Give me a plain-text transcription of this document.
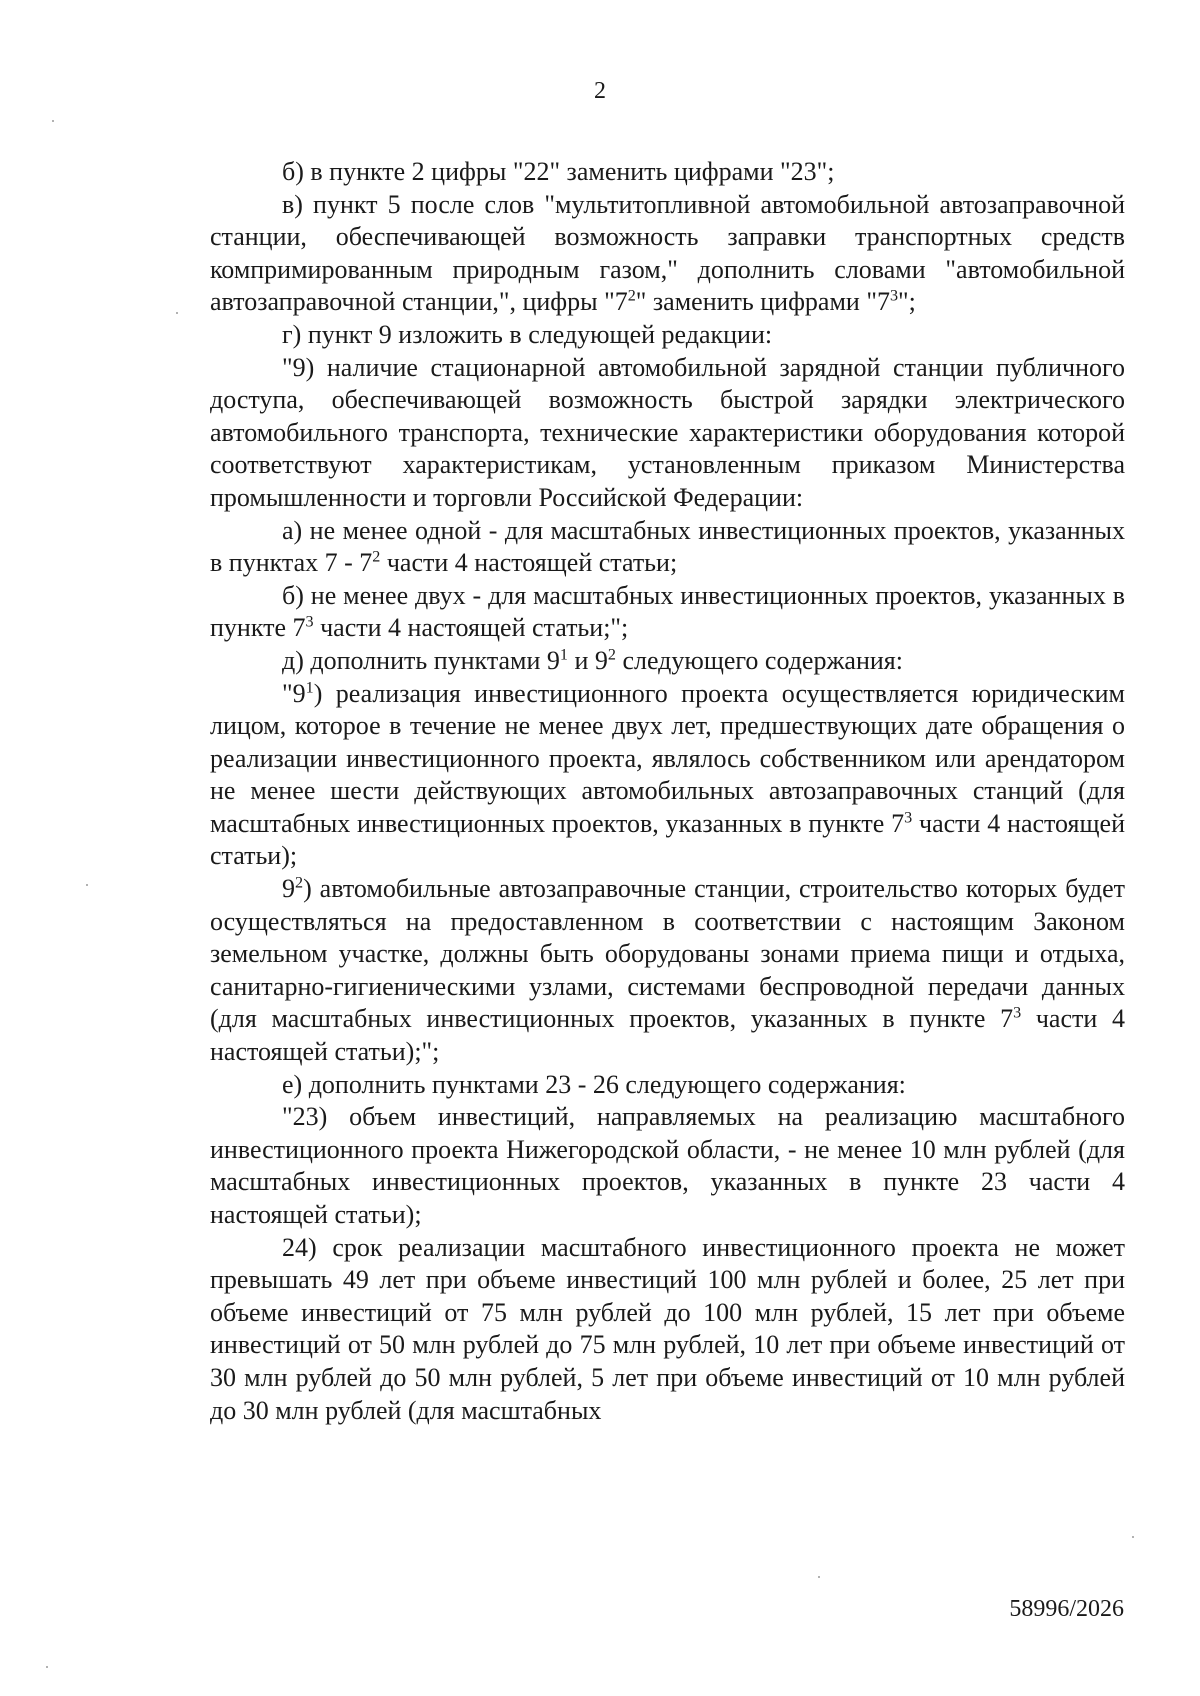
2

б) в пункте 2 цифры "22" заменить цифрами "23";

в) пункт 5 после слов "мультитопливной автомобильной автозаправочной станции, обеспечивающей возможность заправки транспортных средств компримированным природным газом," дополнить словами "автомобильной автозаправочной станции,", цифры "$7^2$" заменить цифрами "$7^3$";

г) пункт 9 изложить в следующей редакции:

"9) наличие стационарной автомобильной зарядной станции публичного доступа, обеспечивающей возможность быстрой зарядки электрического автомобильного транспорта, технические характеристики оборудования которой соответствуют характеристикам, установленным приказом Министерства промышленности и торговли Российской Федерации:

а) не менее одной - для масштабных инвестиционных проектов, указанных в пунктах $7 - 7^2$ части 4 настоящей статьи;

б) не менее двух - для масштабных инвестиционных проектов, указанных в пункте $7^3$ части 4 настоящей статьи;";

д) дополнить пунктами $9^1$ и $9^2$ следующего содержания:

"$9^1$) реализация инвестиционного проекта осуществляется юридическим лицом, которое в течение не менее двух лет, предшествующих дате обращения о реализации инвестиционного проекта, являлось собственником или арендатором не менее шести действующих автомобильных автозаправочных станций (для масштабных инвестиционных проектов, указанных в пункте $7^3$ части 4 настоящей статьи);

$9^2$) автомобильные автозаправочные станции, строительство которых будет осуществляться на предоставленном в соответствии с настоящим Законом земельном участке, должны быть оборудованы зонами приема пищи и отдыха, санитарно-гигиеническими узлами, системами беспроводной передачи данных (для масштабных инвестиционных проектов, указанных в пункте $7^3$ части 4 настоящей статьи);";

е) дополнить пунктами 23 - 26 следующего содержания:

"23) объем инвестиций, направляемых на реализацию масштабного инвестиционного проекта Нижегородской области, - не менее 10 млн рублей (для масштабных инвестиционных проектов, указанных в пункте 23 части 4 настоящей статьи);

24) срок реализации масштабного инвестиционного проекта не может превышать 49 лет при объеме инвестиций 100 млн рублей и более, 25 лет при объеме инвестиций от 75 млн рублей до 100 млн рублей, 15 лет при объеме инвестиций от 50 млн рублей до 75 млн рублей, 10 лет при объеме инвестиций от 30 млн рублей до 50 млн рублей, 5 лет при объеме инвестиций от 10 млн рублей до 30 млн рублей (для масштабных

58996/2026
